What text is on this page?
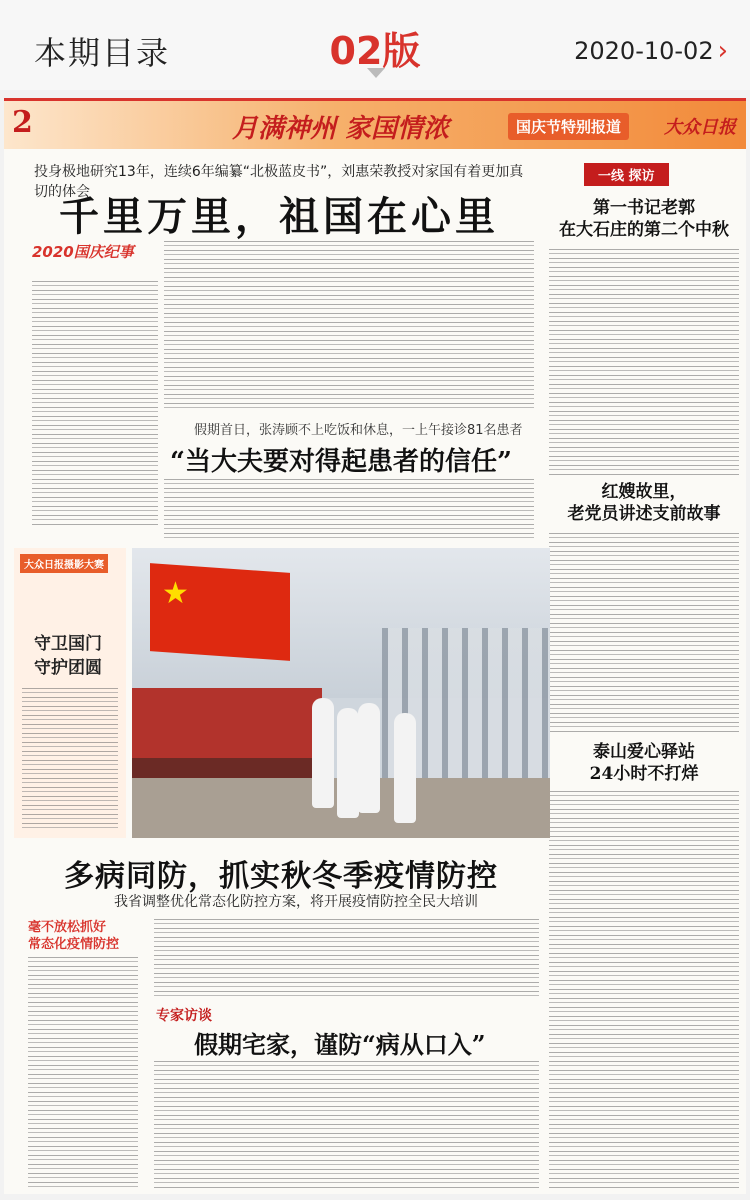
本期目录	02版	2020-10-02 ›
2	月满神州 家国情浓	国庆节特别报道	大众日报
投身极地研究13年，连续6年编纂“北极蓝皮书”，刘惠荣教授对家国有着更加真切的体会
千里万里，祖国在心里
2020国庆纪事
假期首日，张涛顾不上吃饭和休息，一上午接诊81名患者
“当大夫要对得起患者的信任”
一线 探访
第一书记老郭
在大石庄的第二个中秋
红嫂故里，
老党员讲述支前故事
泰山爱心驿站
24小时不打烊
大众日报摄影大赛
守卫国门
守护团圆
★
多病同防，抓实秋冬季疫情防控
我省调整优化常态化防控方案，将开展疫情防控全民大培训
毫不放松抓好
常态化疫情防控
专家访谈
假期宅家，谨防“病从口入”
